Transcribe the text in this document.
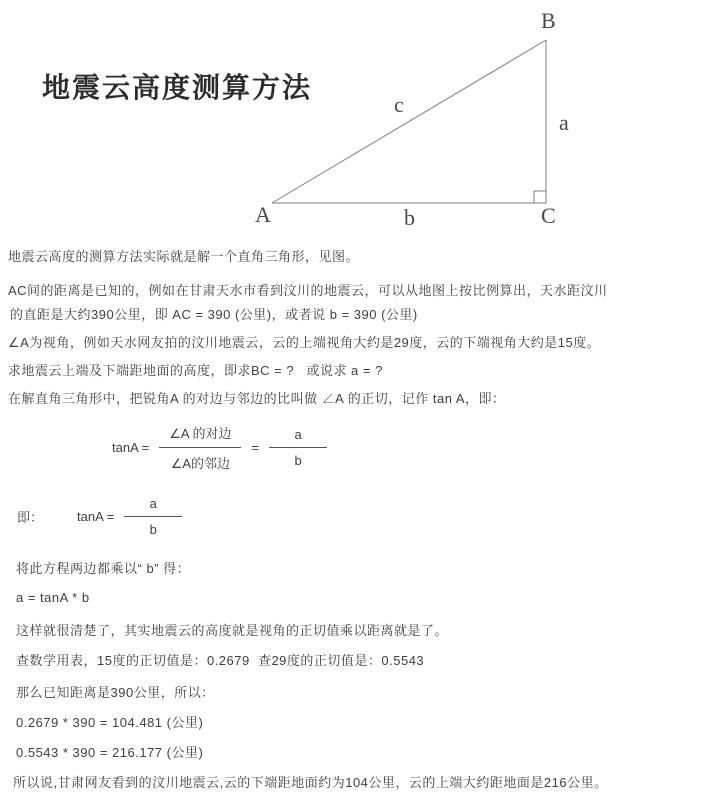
地震云高度测算方法
B
A	C
a
b
c
地震云高度的测算方法实际就是解一个直角三角形，见图。
AC间的距离是已知的，例如在甘肃天水市看到汶川的地震云，可以从地图上按比例算出，天水距汶川
的直距是大约390公里，即 AC = 390 (公里)，或者说 b = 390 (公里)
∠A为视角，例如天水网友拍的汶川地震云，云的上端视角大约是29度，云的下端视角大约是15度。
求地震云上端及下端距地面的高度，即求BC = ?   或说求 a = ?
在解直角三角形中，把锐角A 的对边与邻边的比叫做 ∠A 的正切，记作 tan A，即：
$\tan A = \frac{\text{∠A 的对边}}{\text{∠A的邻边}} = \frac{a}{b}$
即：	$\tan A = \frac{a}{b}$
将此方程两边都乘以“ b” 得：
a = tanA * b
这样就很清楚了，其实地震云的高度就是视角的正切值乘以距离就是了。
查数学用表，15度的正切值是：0.2679  查29度的正切值是：0.5543
那么已知距离是390公里，所以：
0.2679 * 390 = 104.481 (公里)
0.5543 * 390 = 216.177 (公里)
所以说,甘肃网友看到的汶川地震云,云的下端距地面约为104公里，云的上端大约距地面是216公里。
